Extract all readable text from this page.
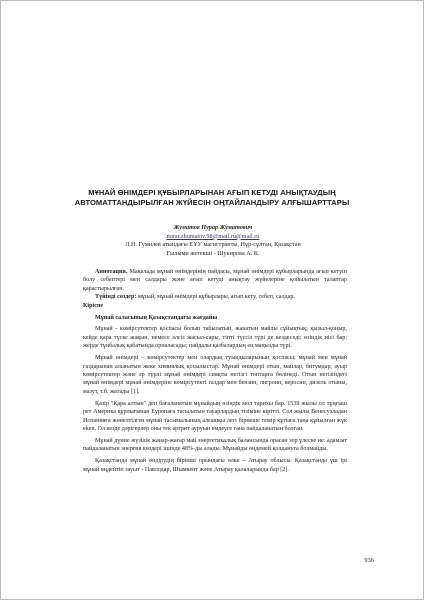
МҰНАЙ ӨНІМДЕРІ ҚҰБЫРЛАРЫНАН АҒЫП КЕТУДІ АНЫҚТАУДЫҢ
АВТОМАТТАНДЫРЫЛҒАН ЖҮЙЕСІН ОҢТАЙЛАНДЫРУ АЛҒЫШАРТТАРЫ
Жуматов Нурар Жуматович
nurar.zhumatov.98@mail.ru@mail.ru
Л.Н. Гумилев атындағы ЕҰУ магистранты, Нұр-сұлтан, Қазақстан
Ғылыми жетекші - Шукирова А. К.

Аннотация. Мақалада мұнай өнімдерінің пайдасы, мұнай өнімдері құбырларында ағып кетуін болу себептері мен салдары және ағып кетуді анықтау жүйелеріне қойылатын талаптар қарастырылған.

Түйінді сөздер: мұнай, мұнай өнімдері құбырлары, ағып кету, себеп, салдар.

Кіріспе

Мұнай саласының Қазақстандағы жағдайы

Мұнай - көмірсутектер қоспасы болып табылатын, жанатын майлы сұйықтық; қызыл-қоңыр, кейде қара түске жақын, немесе әлсіз жасыл-сары, тіпті түссіз түрі де кездеседі; өзіндік иісі бар; жерде тұнбалық қабатында орналасады; пайдалы қазбалардың ең маңызды түрі.

Мұнай өнімдері – көмірсутектер мен олардың туындыларының қоспасы; мұнай мен мұнай газдарынан алынатын жеке химиялық қосылыстар. Мұнай өнімдері отын, майлар, битумдар, ауыр көмірсутектер және әр түрлі мұнай өнімдері сияқты негізгі топтарға бөлінеді. Отын негізіндегі мұнай өнімдері мұнай өнімдеріне көмірсутекті газдар мен бензин, лигроин, керосин, дизель отыны, мазут, т.б. жатады [1].

Қазір "Қара алтын" деп бағаланатын мұнайдың өзіндік мол тарихы бар. 1539 жылы ол тұңғыш рет Америка құрлығынан Еуропаға тасылатын тауарлардың тізіміне кірітті. Сол жылы Венесуэладан Испанияға жөнелтілген мұнай тасымалының алғашқы легі бірнеше темір құтыға таңа құйылған жүк еken. Ол кезде дәрігерлер оны тек артрит ауруын емдеуге ғана пайдаланатын болған.

Мұнай дүние жүзілік жанар-жағар май энергетикалық балансында орасан зор үлеске ие: адамзат пайдаланатын энергия көздері ішінде 48%-ды алады. Мұнайды өңдемей қолдануға болмайды.

Қазақстанда мұнай өндірудің бірінші орындағы өлке – Атырау облысы. Қазақстанда үш ірі мұнай өңдейтін зауыт - Павлодар, Шымкент және Атырау қалаларында бар [2].

936
